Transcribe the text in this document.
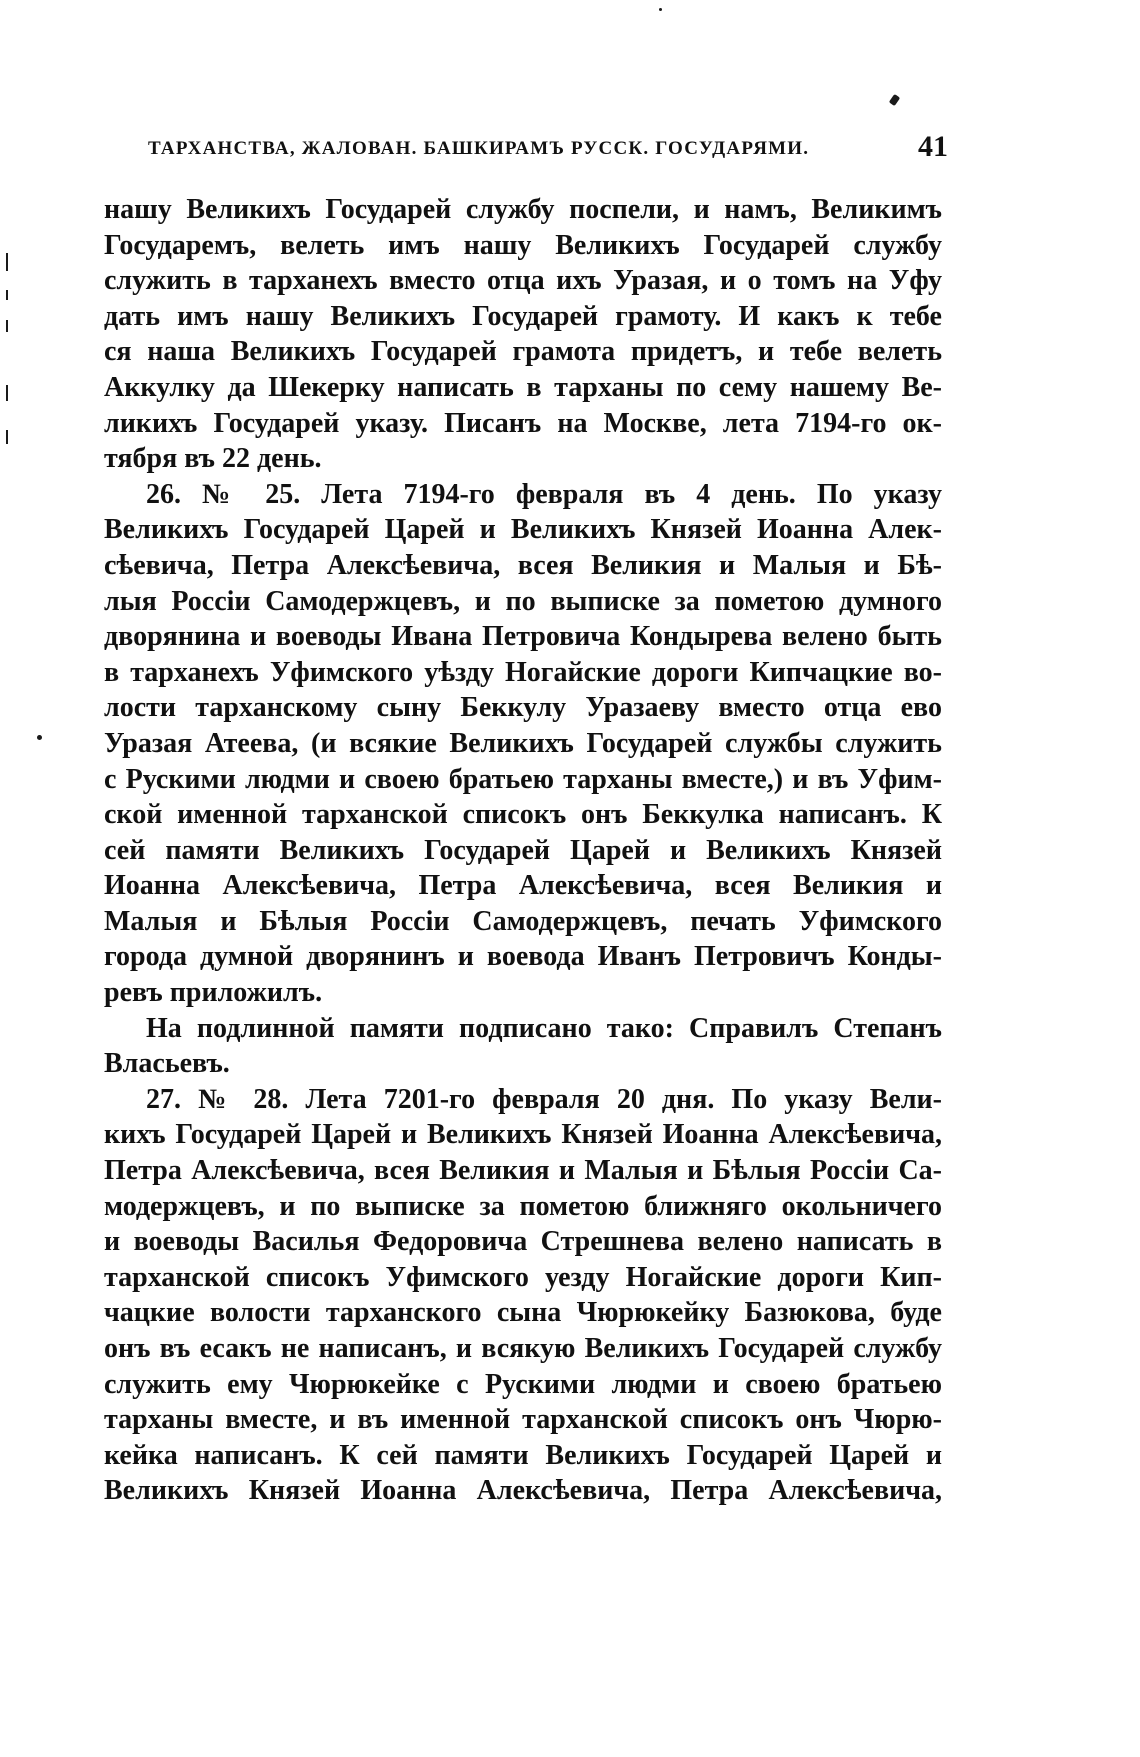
ТАРХАНСТВА, ЖАЛОВАН. БАШКИРАМЪ РУССК. ГОСУДАРЯМИ.	41
нашу Великихъ Государей службу поспели, и намъ, Великимъ
Государемъ, велеть имъ нашу Великихъ Государей службу
служить в тарханехъ вместо отца ихъ Уразая, и о томъ на Уфу
дать имъ нашу Великихъ Государей грамоту. И какъ к тебе
ся наша Великихъ Государей грамота придетъ, и тебе велеть
Аккулку да Шекерку написать в тарханы по сему нашему Ве-
ликихъ Государей указу. Писанъ на Москве, лета 7194-го ок-
тября въ 22 день.
26. № 25. Лета 7194-го февраля въ 4 день. По указу
Великихъ Государей Царей и Великихъ Князей Иоанна Алек-
сѣевича, Петра Алексѣевича, всея Великия и Малыя и Бѣ-
лыя Россіи Самодержцевъ, и по выписке за пометою думного
дворянина и воеводы Ивана Петровича Кондырева велено быть
в тарханехъ Уфимского уѣзду Ногайские дороги Кипчацкие во-
лости тарханскому сыну Беккулу Уразаеву вместо отца ево
Уразая Атеева, (и всякие Великихъ Государей службы служить
с Рускими людми и своею братьею тарханы вместе,) и въ Уфим-
ской именной тарханской списокъ онъ Беккулка написанъ. К
сей памяти Великихъ Государей Царей и Великихъ Князей
Иоанна Алексѣевича, Петра Алексѣевича, всея Великия и
Малыя и Бѣлыя Россіи Самодержцевъ, печать Уфимского
города думной дворянинъ и воевода Иванъ Петровичъ Конды-
ревъ приложилъ.
На подлинной памяти подписано тако: Справилъ Степанъ
Власьевъ.
27. № 28. Лета 7201-го февраля 20 дня. По указу Вели-
кихъ Государей Царей и Великихъ Князей Иоанна Алексѣевича,
Петра Алексѣевича, всея Великия и Малыя и Бѣлыя Россіи Са-
модержцевъ, и по выписке за пометою ближняго окольничего
и воеводы Василья Федоровича Стрешнева велено написать в
тарханской списокъ Уфимского уезду Ногайские дороги Кип-
чацкие волости тарханского сына Чюрюкейку Базюкова, буде
онъ въ есакъ не написанъ, и всякую Великихъ Государей службу
служить ему Чюрюкейке с Рускими людми и своею братьею
тарханы вместе, и въ именной тарханской списокъ онъ Чюрю-
кейка написанъ. К сей памяти Великихъ Государей Царей и
Великихъ Князей Иоанна Алексѣевича, Петра Алексѣевича,
